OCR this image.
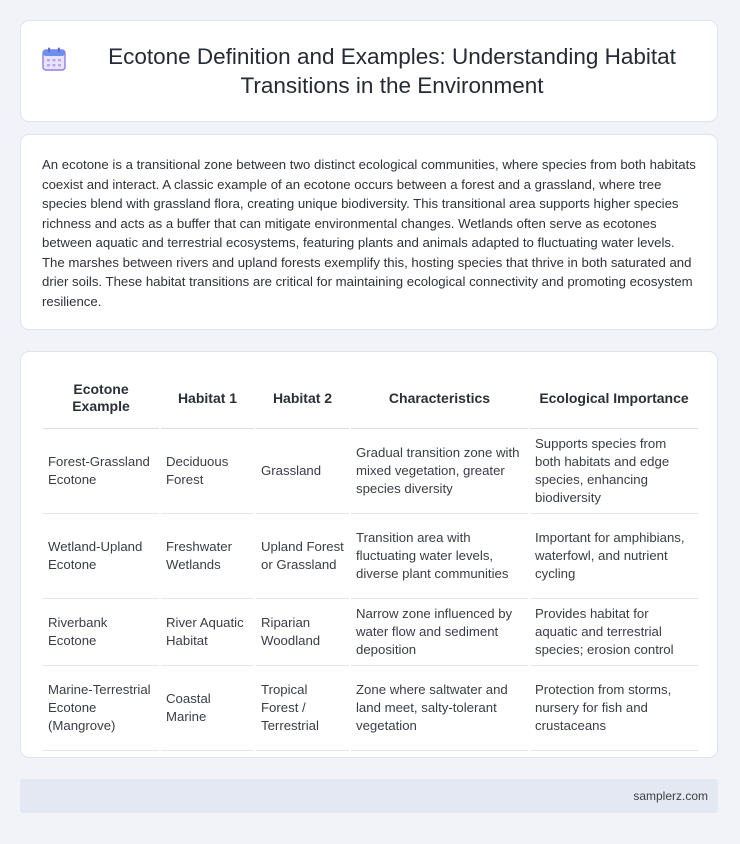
Ecotone Definition and Examples: Understanding Habitat Transitions in the Environment

An ecotone is a transitional zone between two distinct ecological communities, where species from both habitats coexist and interact. A classic example of an ecotone occurs between a forest and a grassland, where tree species blend with grassland flora, creating unique biodiversity. This transitional area supports higher species richness and acts as a buffer that can mitigate environmental changes. Wetlands often serve as ecotones between aquatic and terrestrial ecosystems, featuring plants and animals adapted to fluctuating water levels. The marshes between rivers and upland forests exemplify this, hosting species that thrive in both saturated and drier soils. These habitat transitions are critical for maintaining ecological connectivity and promoting ecosystem resilience.

Ecotone Example	Habitat 1	Habitat 2	Characteristics	Ecological Importance
Forest-Grassland Ecotone	Deciduous Forest	Grassland	Gradual transition zone with mixed vegetation, greater species diversity	Supports species from both habitats and edge species, enhancing biodiversity
Wetland-Upland Ecotone	Freshwater Wetlands	Upland Forest or Grassland	Transition area with fluctuating water levels, diverse plant communities	Important for amphibians, waterfowl, and nutrient cycling
Riverbank Ecotone	River Aquatic Habitat	Riparian Woodland	Narrow zone influenced by water flow and sediment deposition	Provides habitat for aquatic and terrestrial species; erosion control
Marine-Terrestrial Ecotone (Mangrove)	Coastal Marine	Tropical Forest / Terrestrial	Zone where saltwater and land meet, salty-tolerant vegetation	Protection from storms, nursery for fish and crustaceans
samplerz.com
